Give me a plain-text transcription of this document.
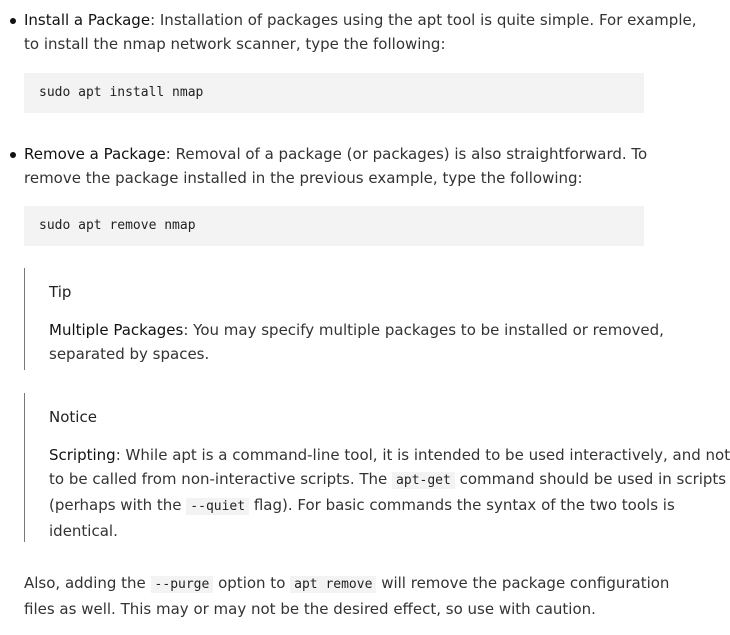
Install a Package: Installation of packages using the apt tool is quite simple. For example,
to install the nmap network scanner, type the following:
sudo apt install nmap
Remove a Package: Removal of a package (or packages) is also straightforward. To
remove the package installed in the previous example, type the following:
sudo apt remove nmap
Tip
Multiple Packages: You may specify multiple packages to be installed or removed,
separated by spaces.
Notice
Scripting: While apt is a command-line tool, it is intended to be used interactively, and not
to be called from non-interactive scripts. The apt-get command should be used in scripts
(perhaps with the --quiet flag). For basic commands the syntax of the two tools is
identical.
Also, adding the --purge option to apt remove will remove the package configuration
files as well. This may or may not be the desired effect, so use with caution.
